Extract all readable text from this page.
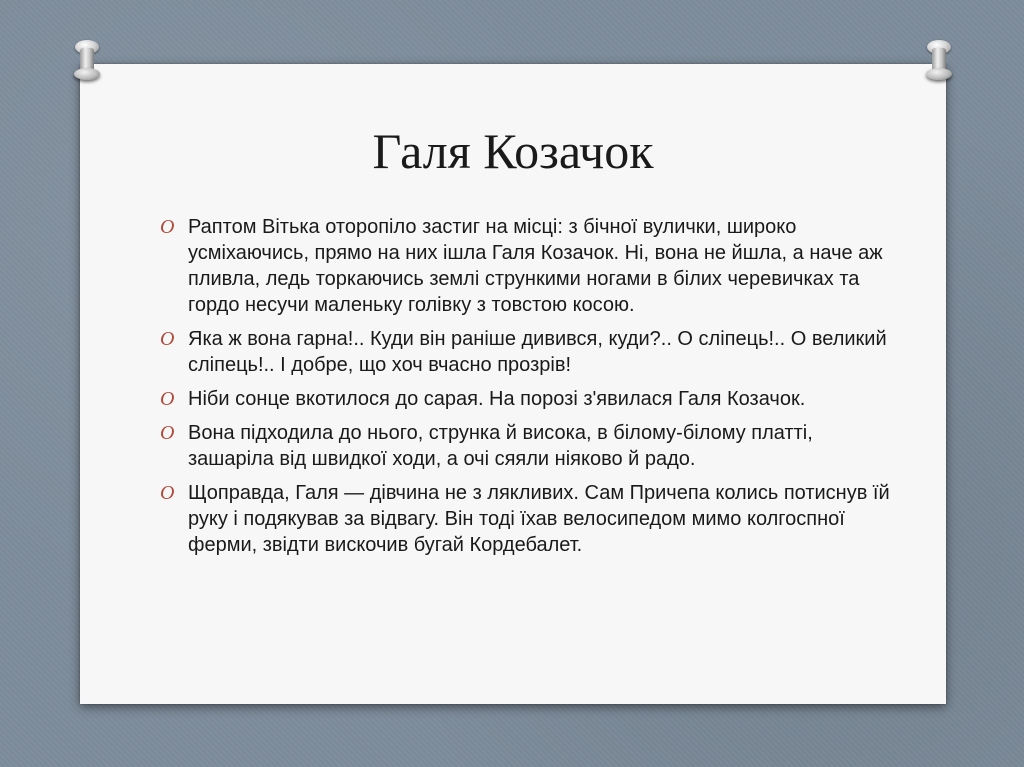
Галя Козачок
O Раптом Вітька оторопіло застиг на місці: з бічної вулички, широко усміхаючись, прямо на них ішла Галя Козачок. Ні, вона не йшла, а наче аж пливла, ледь торкаючись землі стрункими ногами в білих черевичках та гордо несучи маленьку голівку з товстою косою.
O Яка ж вона гарна!.. Куди він раніше дивився, куди?.. О сліпець!.. О великий сліпець!.. І добре, що хоч вчасно прозрів!
O Ніби сонце вкотилося до сарая. На порозі з'явилася Галя Козачок.
O Вона підходила до нього, струнка й висока, в білому-білому платті, зашаріла від швидкої ходи, а очі сяяли ніяково й радо.
O Щоправда, Галя — дівчина не з лякливих. Сам Причепа колись потиснув їй руку і подякував за відвагу. Він тоді їхав велосипедом мимо колгоспної ферми, звідти вискочив бугай Кордебалет.
